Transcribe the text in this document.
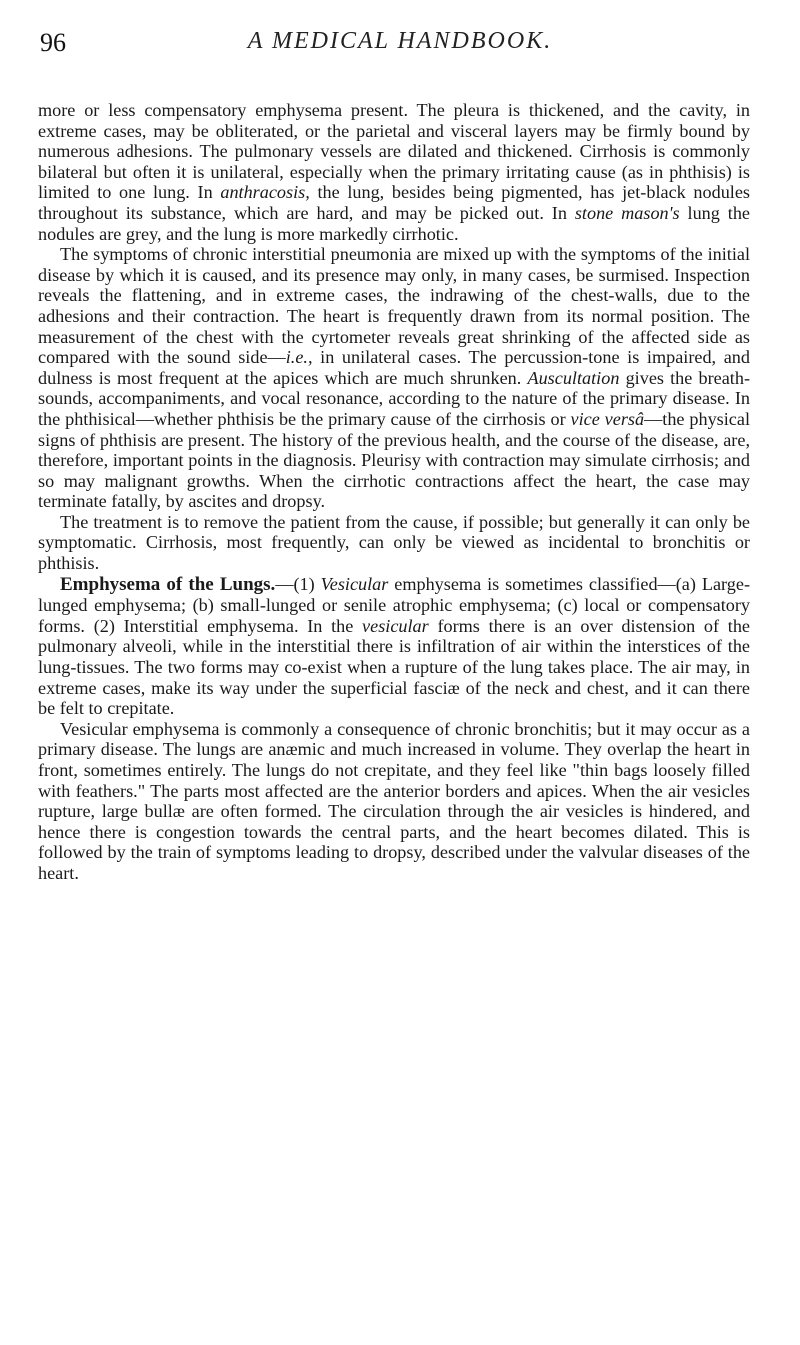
96	A MEDICAL HANDBOOK.

more or less compensatory emphysema present. The pleura is thickened, and the cavity, in extreme cases, may be obliterated, or the parietal and visceral layers may be firmly bound by numerous adhesions. The pulmonary vessels are dilated and thickened. Cirrhosis is commonly bilateral but often it is unilateral, especially when the primary irritating cause (as in phthisis) is limited to one lung. In anthracosis, the lung, besides being pigmented, has jet-black nodules throughout its substance, which are hard, and may be picked out. In stone mason's lung the nodules are grey, and the lung is more markedly cirrhotic.

The symptoms of chronic interstitial pneumonia are mixed up with the symptoms of the initial disease by which it is caused, and its presence may only, in many cases, be surmised. Inspection reveals the flattening, and in extreme cases, the indrawing of the chest-walls, due to the adhesions and their contraction. The heart is frequently drawn from its normal position. The measurement of the chest with the cyrtometer reveals great shrinking of the affected side as compared with the sound side—i.e., in unilateral cases. The percussion-tone is impaired, and dulness is most frequent at the apices which are much shrunken. Auscultation gives the breath-sounds, accompaniments, and vocal resonance, according to the nature of the primary disease. In the phthisical—whether phthisis be the primary cause of the cirrhosis or vice versâ—the physical signs of phthisis are present. The history of the previous health, and the course of the disease, are, therefore, important points in the diagnosis. Pleurisy with contraction may simulate cirrhosis; and so may malignant growths. When the cirrhotic contractions affect the heart, the case may terminate fatally, by ascites and dropsy.

The treatment is to remove the patient from the cause, if possible; but generally it can only be symptomatic. Cirrhosis, most frequently, can only be viewed as incidental to bronchitis or phthisis.

Emphysema of the Lungs.—(1) Vesicular emphysema is sometimes classified—(a) Large-lunged emphysema; (b) small-lunged or senile atrophic emphysema; (c) local or compensatory forms. (2) Interstitial emphysema. In the vesicular forms there is an over distension of the pulmonary alveoli, while in the interstitial there is infiltration of air within the interstices of the lung-tissues. The two forms may co-exist when a rupture of the lung takes place. The air may, in extreme cases, make its way under the superficial fasciæ of the neck and chest, and it can there be felt to crepitate.

Vesicular emphysema is commonly a consequence of chronic bronchitis; but it may occur as a primary disease. The lungs are anæmic and much increased in volume. They overlap the heart in front, sometimes entirely. The lungs do not crepitate, and they feel like "thin bags loosely filled with feathers." The parts most affected are the anterior borders and apices. When the air vesicles rupture, large bullæ are often formed. The circulation through the air vesicles is hindered, and hence there is congestion towards the central parts, and the heart becomes dilated. This is followed by the train of symptoms leading to dropsy, described under the valvular diseases of the heart.
